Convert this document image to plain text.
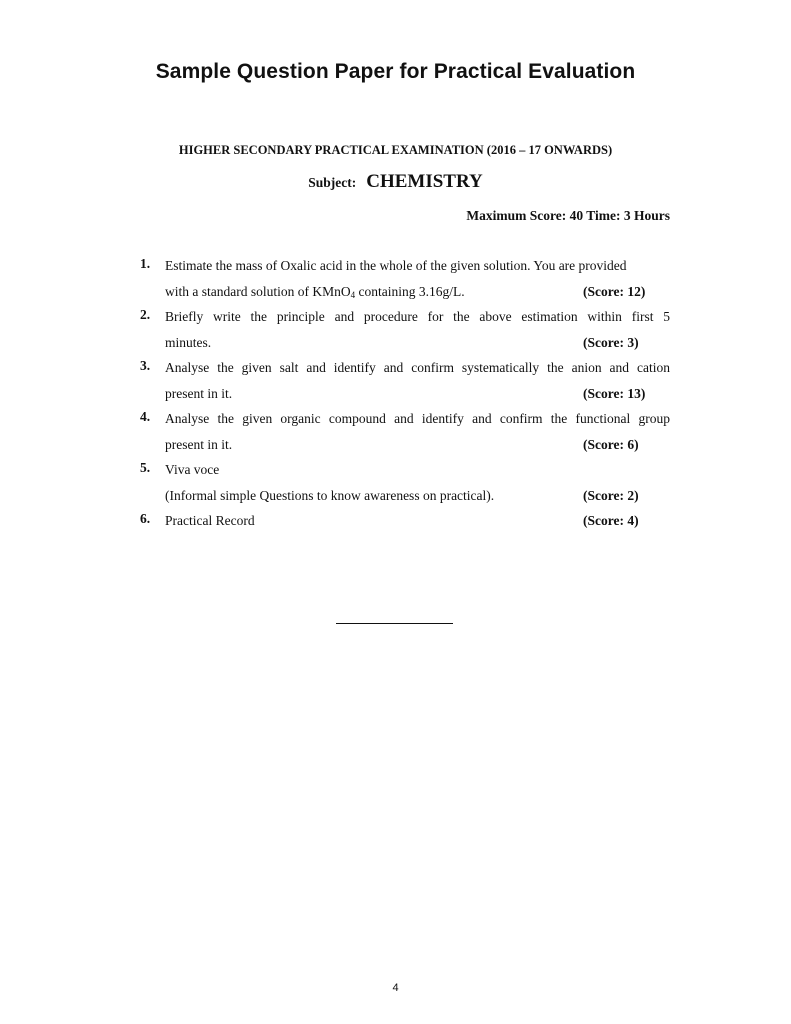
Sample Question Paper for Practical Evaluation
HIGHER SECONDARY PRACTICAL EXAMINATION (2016 – 17 ONWARDS)
Subject: CHEMISTRY
Maximum Score: 40 Time: 3 Hours
1. Estimate the mass of Oxalic acid in the whole of the given solution. You are provided
with a standard solution of KMnO$_4$ containing 3.16g/L.	(Score: 12)
2. Briefly write the principle and procedure for the above estimation within first 5
minutes.	(Score: 3)
3. Analyse the given salt and identify and confirm systematically the anion and cation
present in it.	(Score: 13)
4. Analyse the given organic compound and identify and confirm the functional group
present in it.	(Score: 6)
5. Viva voce
(Informal simple Questions to know awareness on practical).	(Score: 2)
6. Practical Record	(Score: 4)
4
